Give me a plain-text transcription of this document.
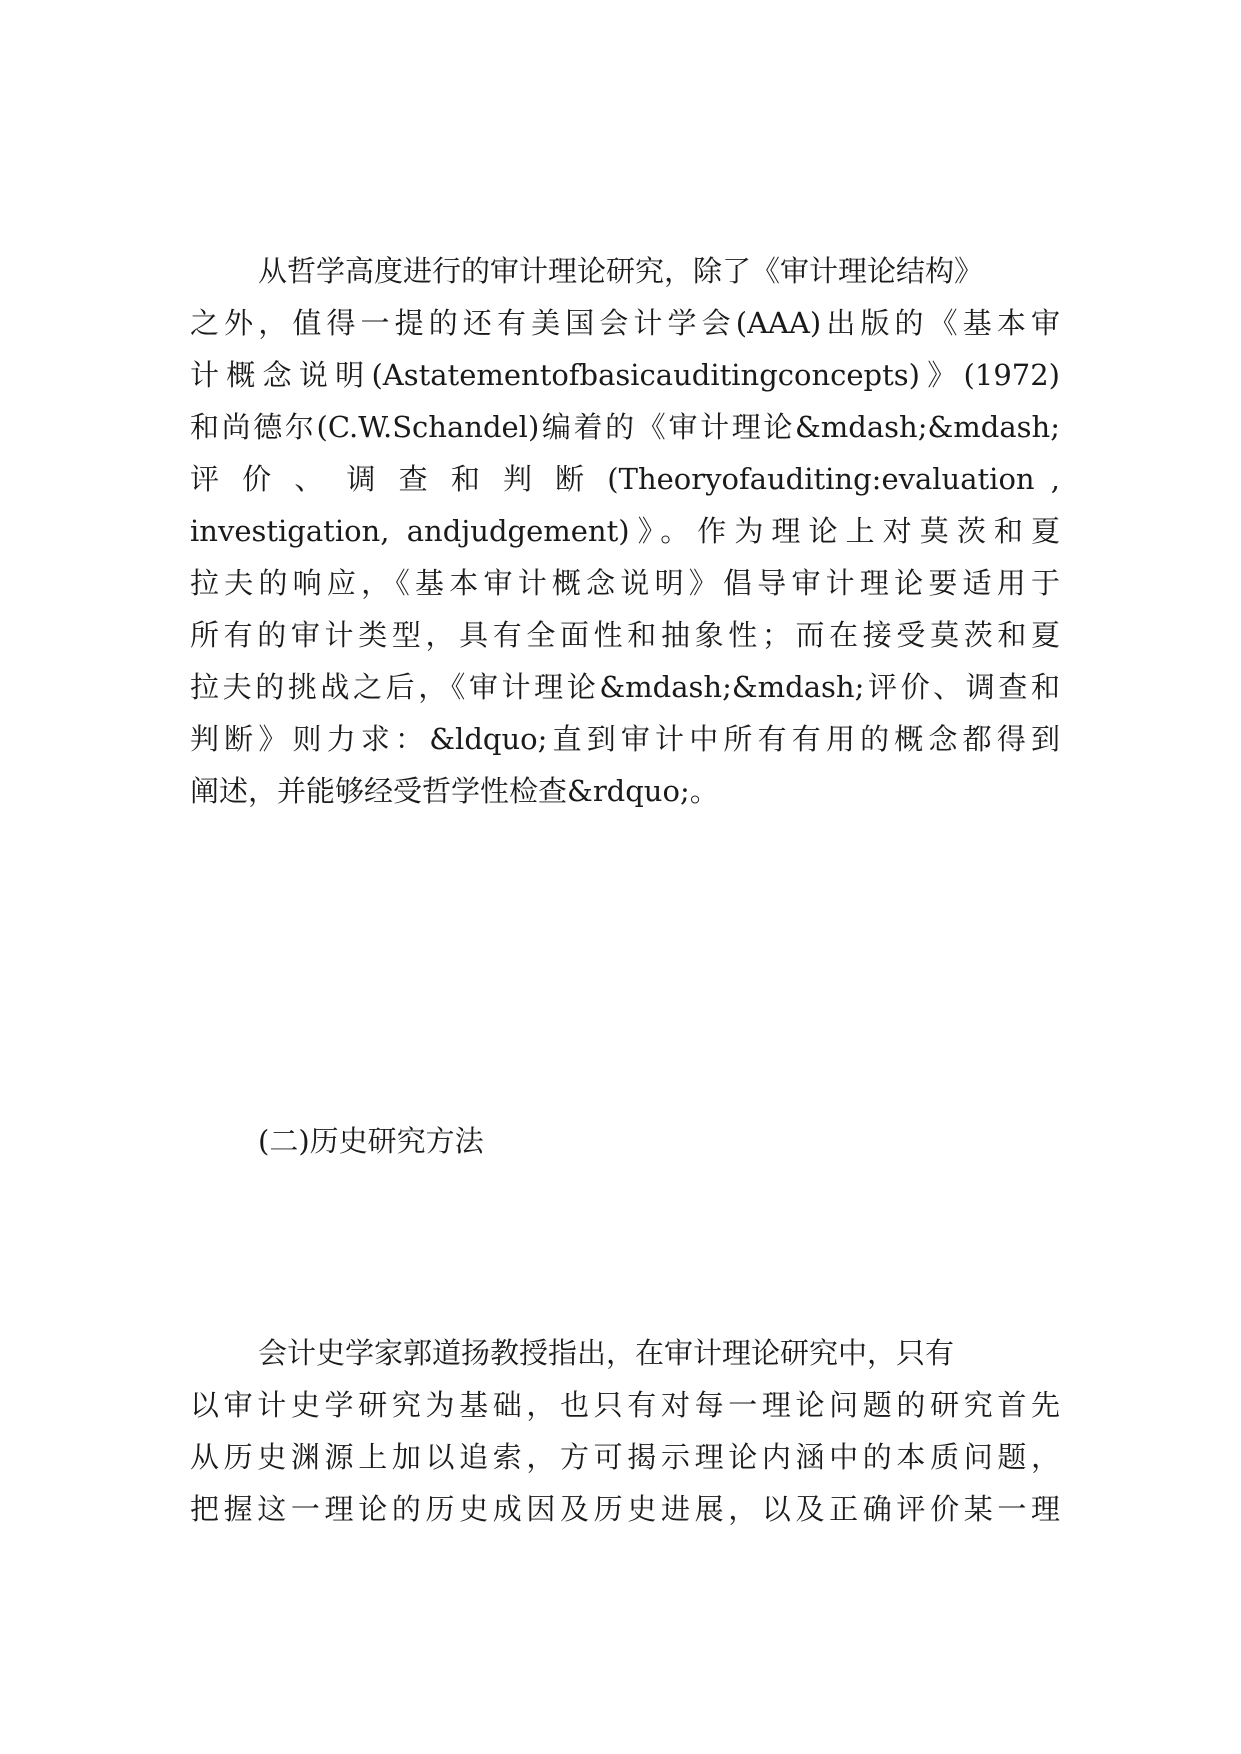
从哲学高度进行的审计理论研究，除了《审计理论结构》
之外，值得一提的还有美国会计学会(AAA)出版的《基本审
计概念说明(Astatementofbasicauditingconcepts)》(1972)
和尚德尔(C.W.Schandel)编着的《审计理论&mdash;&mdash;
评 价 、 调 查 和 判 断 (Theoryofauditing:evaluation ,
investigation, andjudgement)》。作为理论上对莫茨和夏
拉夫的响应，《基本审计概念说明》倡导审计理论要适用于
所有的审计类型，具有全面性和抽象性；而在接受莫茨和夏
拉夫的挑战之后，《审计理论&mdash;&mdash;评价、调查和
判断》则力求：&ldquo;直到审计中所有有用的概念都得到
阐述，并能够经受哲学性检查&rdquo;。
(二)历史研究方法
会计史学家郭道扬教授指出，在审计理论研究中，只有
以审计史学研究为基础，也只有对每一理论问题的研究首先
从历史渊源上加以追索，方可揭示理论内涵中的本质问题，
把握这一理论的历史成因及历史进展，以及正确评价某一理
